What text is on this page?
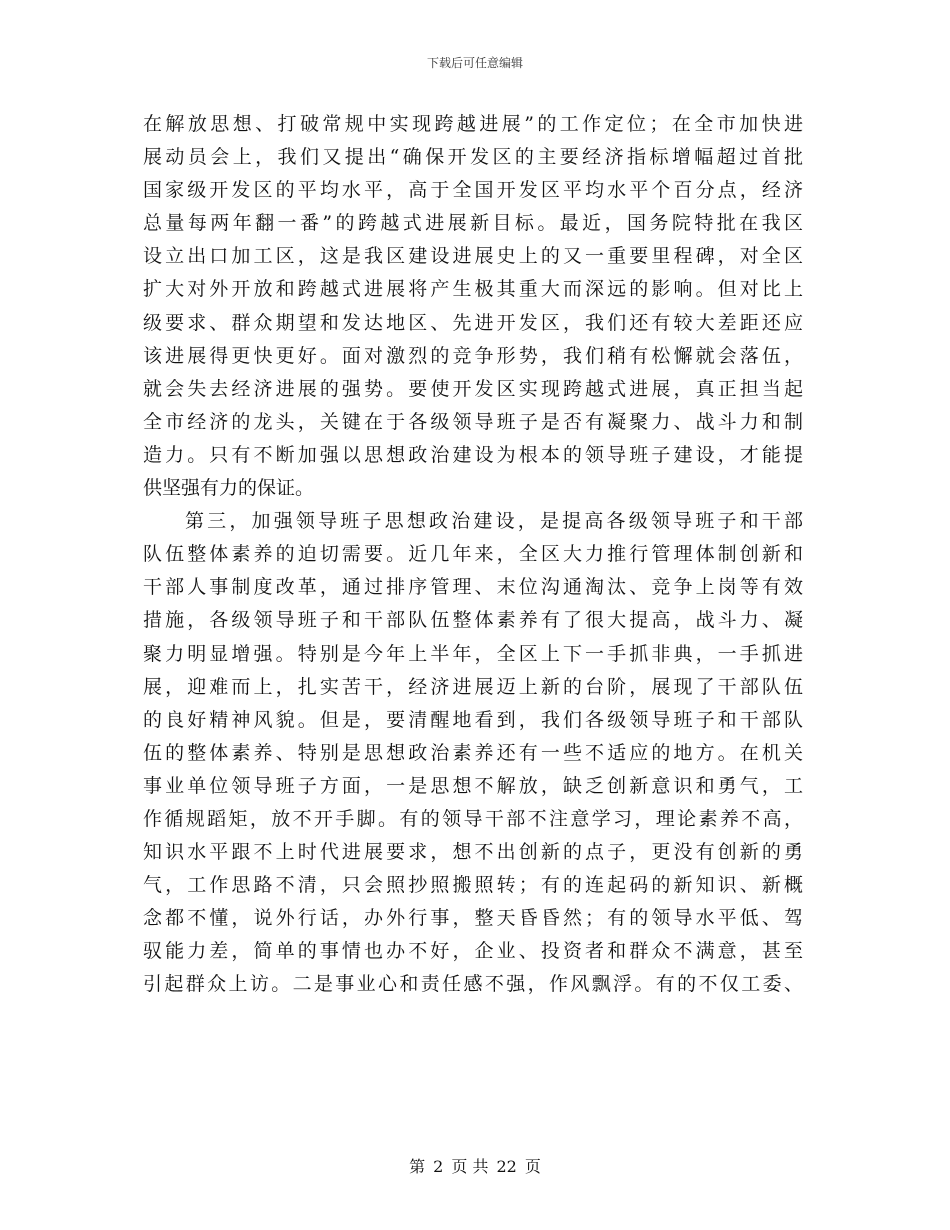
下载后可任意编辑
在解放思想、打破常规中实现跨越进展”的工作定位；在全市加快进
展动员会上，我们又提出“确保开发区的主要经济指标增幅超过首批
国家级开发区的平均水平，高于全国开发区平均水平个百分点，经济
总量每两年翻一番”的跨越式进展新目标。最近，国务院特批在我区
设立出口加工区，这是我区建设进展史上的又一重要里程碑，对全区
扩大对外开放和跨越式进展将产生极其重大而深远的影响。但对比上
级要求、群众期望和发达地区、先进开发区，我们还有较大差距还应
该进展得更快更好。面对激烈的竞争形势，我们稍有松懈就会落伍，
就会失去经济进展的强势。要使开发区实现跨越式进展，真正担当起
全市经济的龙头，关键在于各级领导班子是否有凝聚力、战斗力和制
造力。只有不断加强以思想政治建设为根本的领导班子建设，才能提
供坚强有力的保证。
第三，加强领导班子思想政治建设，是提高各级领导班子和干部
队伍整体素养的迫切需要。近几年来，全区大力推行管理体制创新和
干部人事制度改革，通过排序管理、末位沟通淘汰、竞争上岗等有效
措施，各级领导班子和干部队伍整体素养有了很大提高，战斗力、凝
聚力明显增强。特别是今年上半年，全区上下一手抓非典，一手抓进
展，迎难而上，扎实苦干，经济进展迈上新的台阶，展现了干部队伍
的良好精神风貌。但是，要清醒地看到，我们各级领导班子和干部队
伍的整体素养、特别是思想政治素养还有一些不适应的地方。在机关
事业单位领导班子方面，一是思想不解放，缺乏创新意识和勇气，工
作循规蹈矩，放不开手脚。有的领导干部不注意学习，理论素养不高，
知识水平跟不上时代进展要求，想不出创新的点子，更没有创新的勇
气，工作思路不清，只会照抄照搬照转；有的连起码的新知识、新概
念都不懂，说外行话，办外行事，整天昏昏然；有的领导水平低、驾
驭能力差，简单的事情也办不好，企业、投资者和群众不满意，甚至
引起群众上访。二是事业心和责任感不强，作风飘浮。有的不仅工委、
第 2 页 共 22 页
